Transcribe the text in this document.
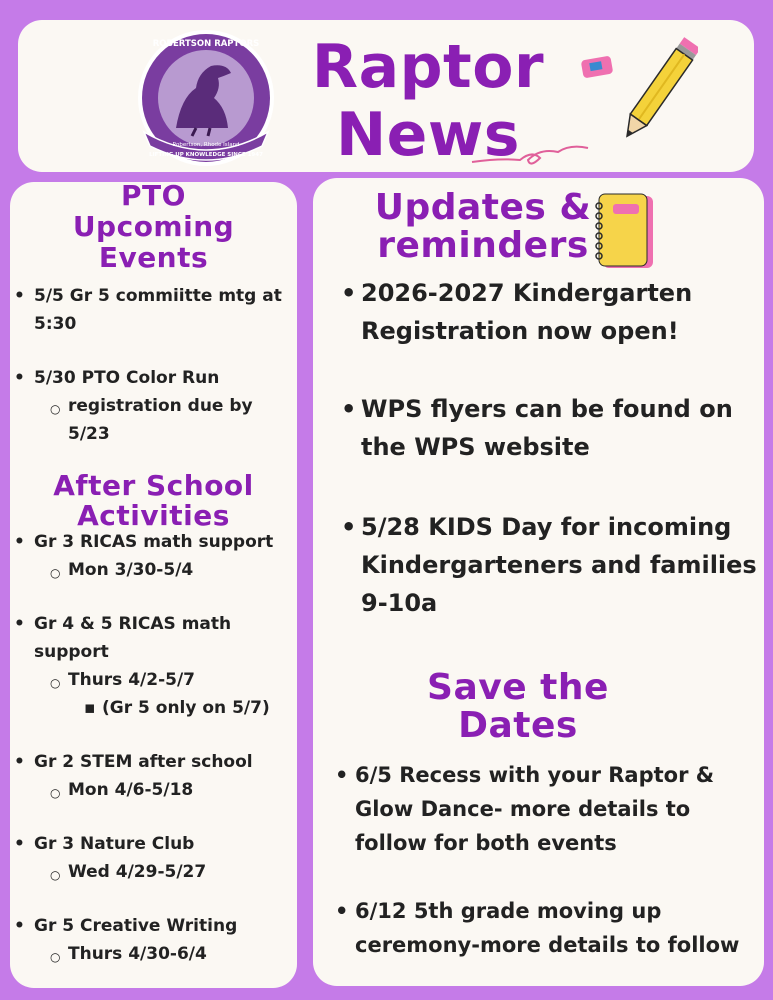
ROBERTSON RAPTORS
Robertson, Rhode Island
LIFTING UP KNOWLEDGE SINCE 1947
Raptor
News
PTO
Upcoming
Events
• 5/5 Gr 5 commiitte mtg at
5:30
• 5/30 PTO Color Run
○ registration due by 5/23
After School
Activities
• Gr 3 RICAS math support
○ Mon 3/30-5/4
• Gr 4 & 5 RICAS math
support
○ Thurs 4/2-5/7
▪ (Gr 5 only on 5/7)
• Gr 2 STEM after school
○ Mon 4/6-5/18
• Gr 3 Nature Club
○ Wed 4/29-5/27
• Gr 5 Creative Writing
○ Thurs 4/30-6/4
Updates &
reminders
• 2026-2027 Kindergarten
Registration now open!
• WPS flyers can be found on
the WPS website
• 5/28 KIDS Day for incoming
Kindergarteners and families
9-10a
Save the
Dates
• 6/5 Recess with your Raptor &
Glow Dance- more details to
follow for both events
• 6/12 5th grade moving up
ceremony-more details to follow
